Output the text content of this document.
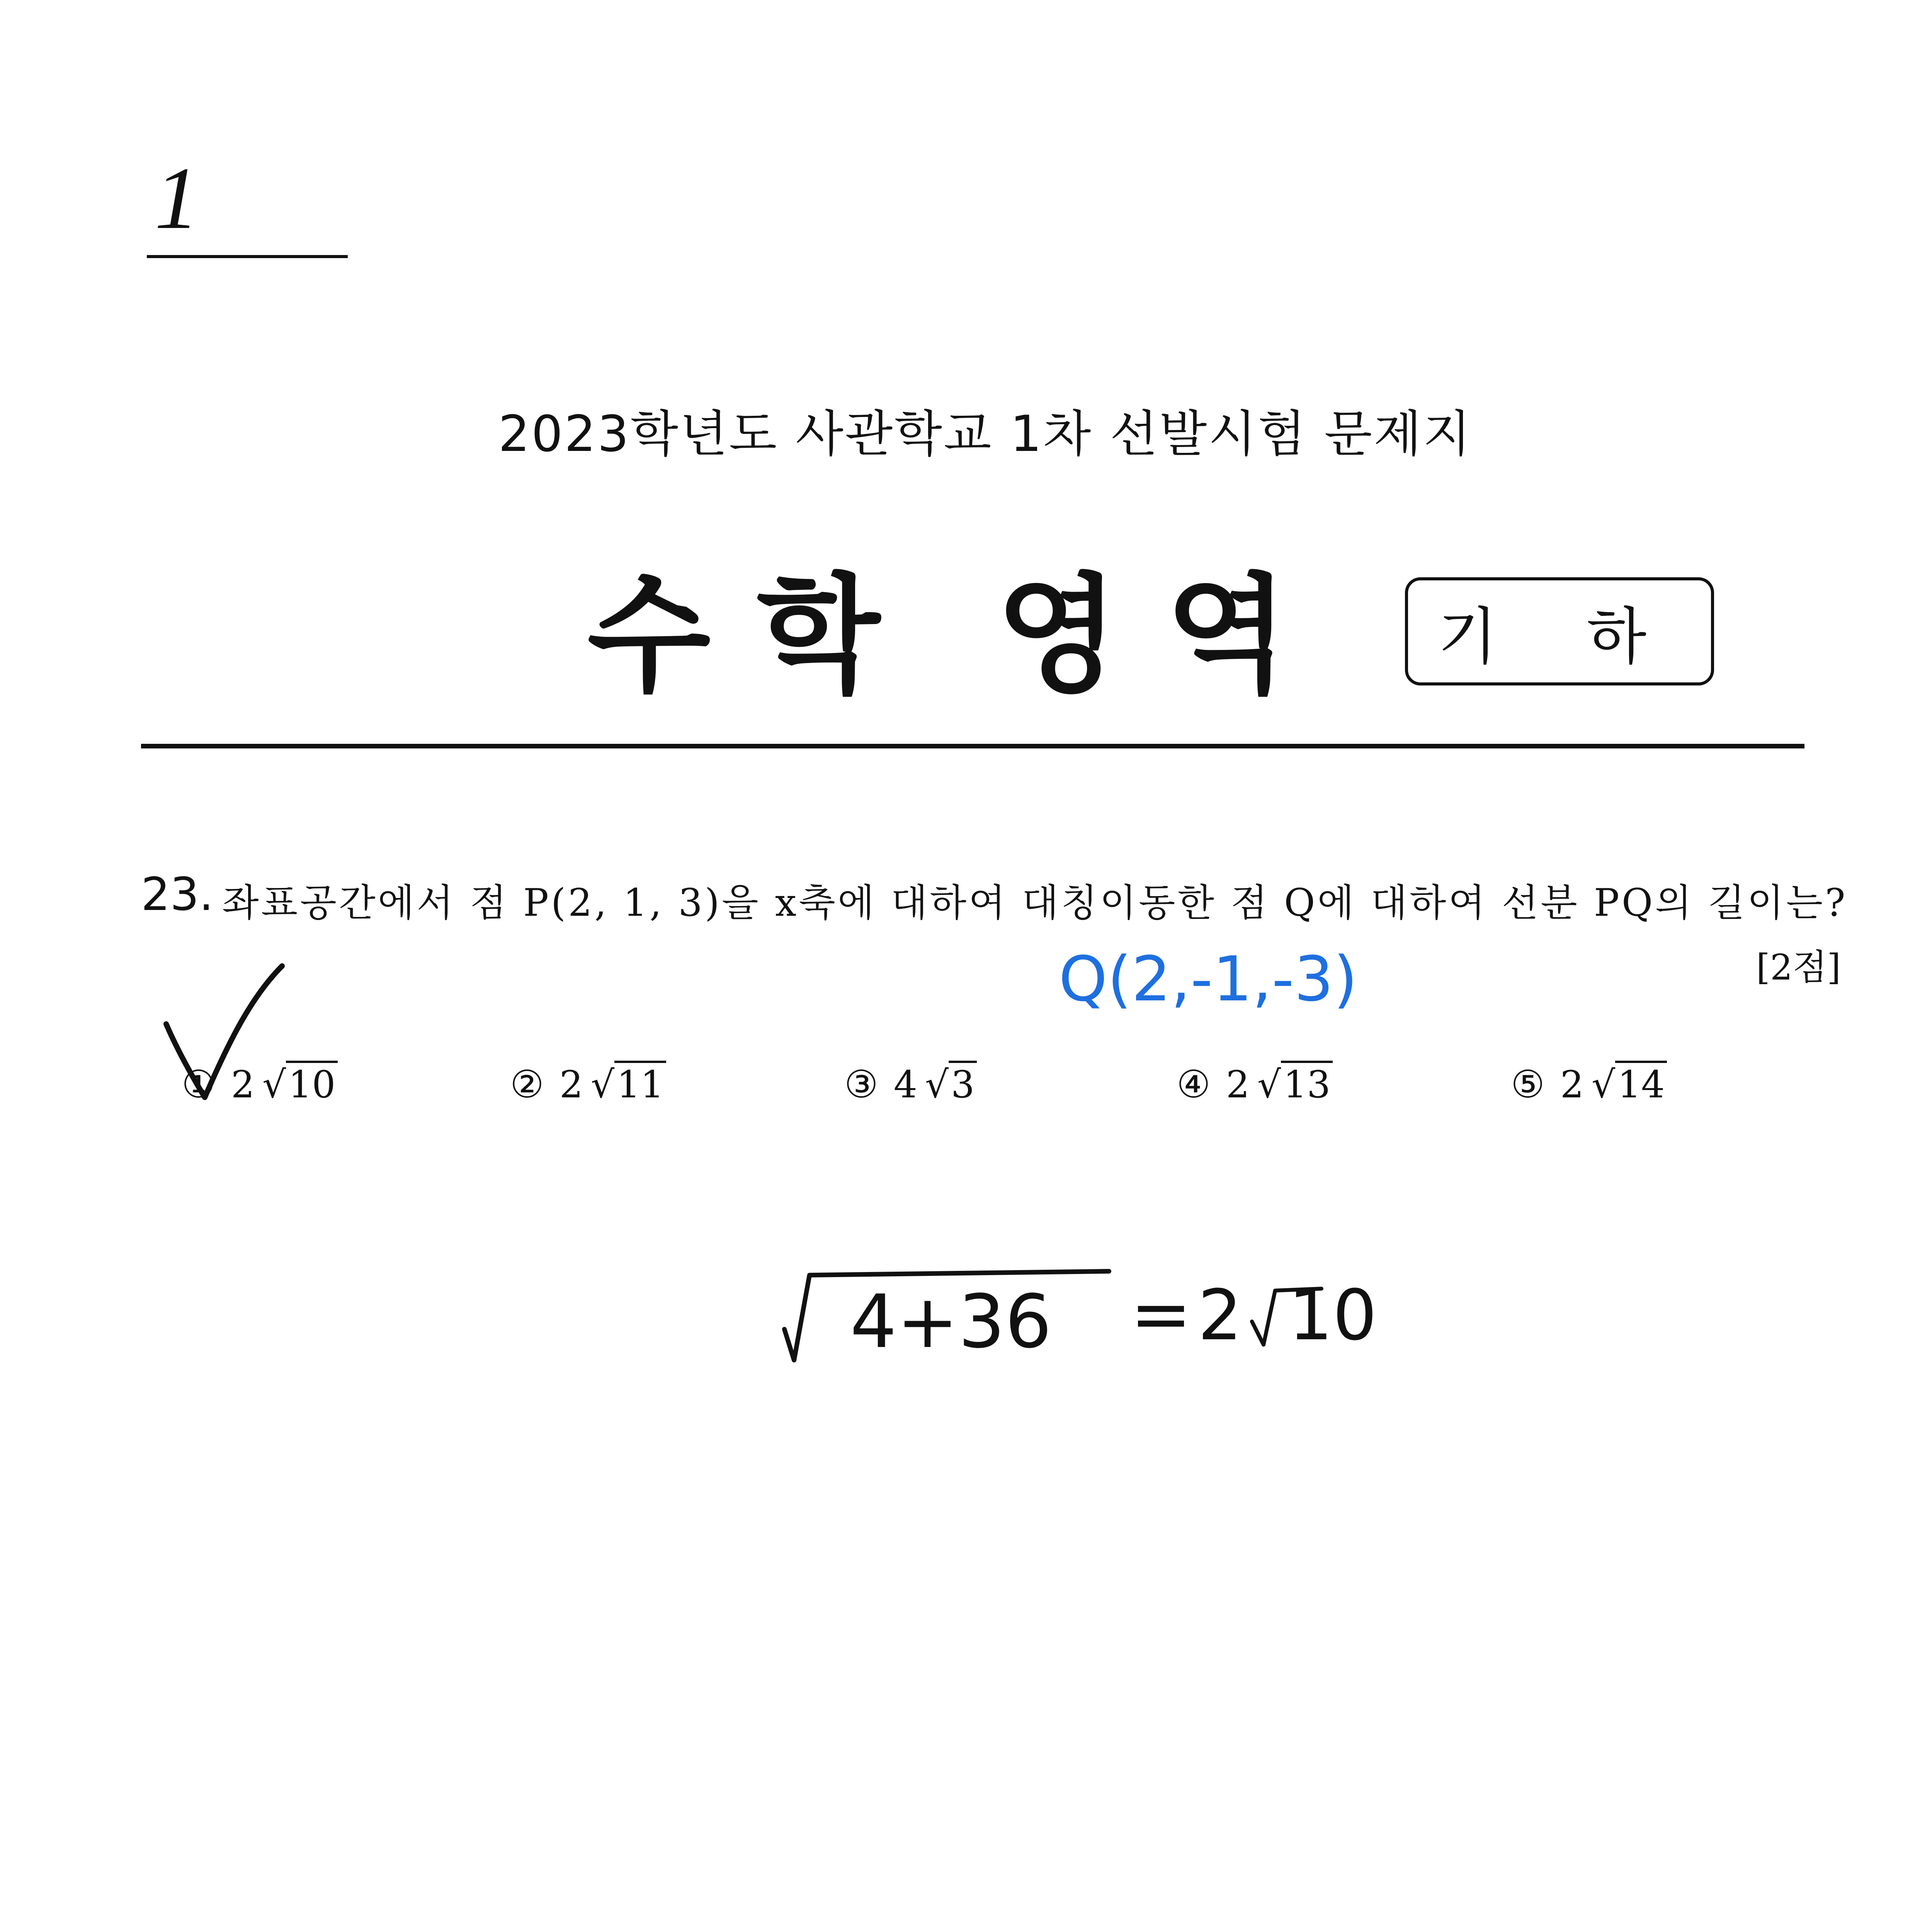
1
2023학년도 사관학교 1차 선발시험 문제지
수 학 영 역	기 하
23. 좌표공간에서 점 P(2, 1, 3)을 x축에 대하여 대칭이동한 점 Q에 대하여 선분 PQ의 길이는?
[2점]
① 2 √ 10	② 2 √ 11	③ 4 √ 3	④ 2 √ 13	⑤ 2 √ 14
Q(2,-1,-3)
4+36 = 2 10
